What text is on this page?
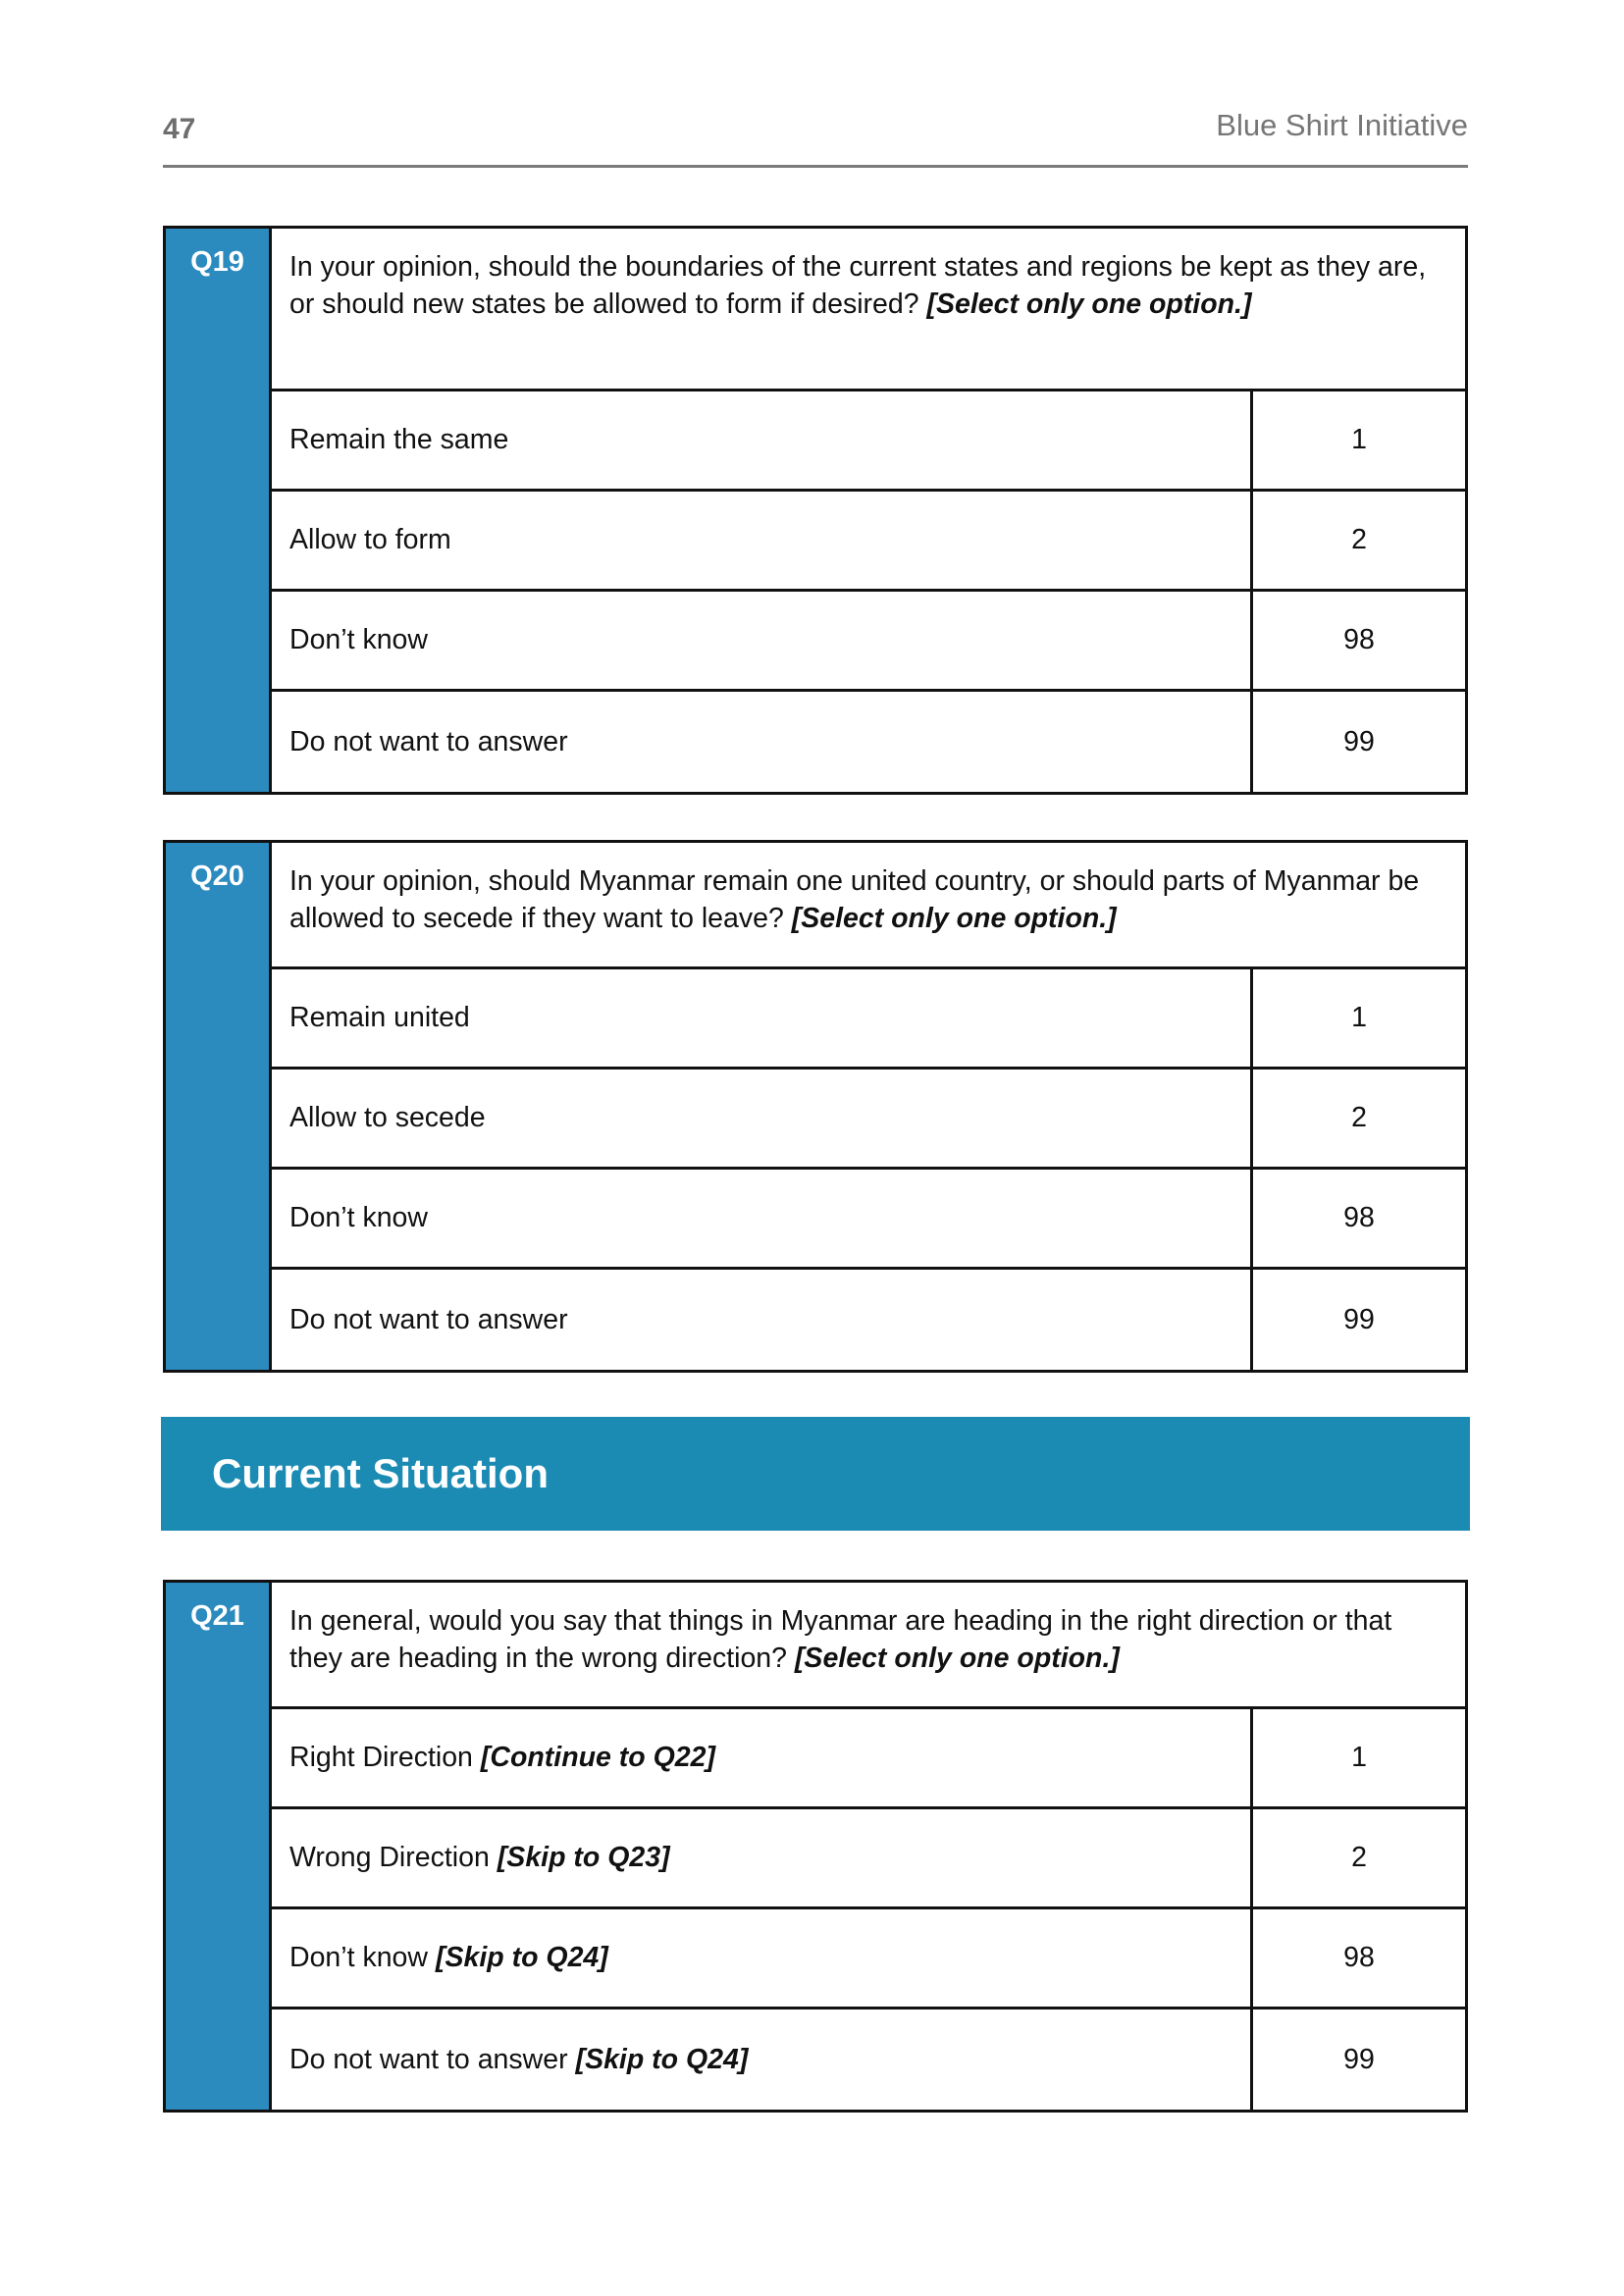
47	Blue Shirt Initiative
Q19	In your opinion, should the boundaries of the current states and regions be kept as they are, or should new states be allowed to form if desired? [Select only one option.]
Remain the same	1
Allow to form	2
Don’t know	98
Do not want to answer	99
Q20	In your opinion, should Myanmar remain one united country, or should parts of Myanmar be allowed to secede if they want to leave? [Select only one option.]
Remain united	1
Allow to secede	2
Don’t know	98
Do not want to answer	99
Current Situation
Q21	In general, would you say that things in Myanmar are heading in the right direction or that they are heading in the wrong direction? [Select only one option.]
Right Direction [Continue to Q22]	1
Wrong Direction [Skip to Q23]	2
Don’t know [Skip to Q24]	98
Do not want to answer [Skip to Q24]	99
